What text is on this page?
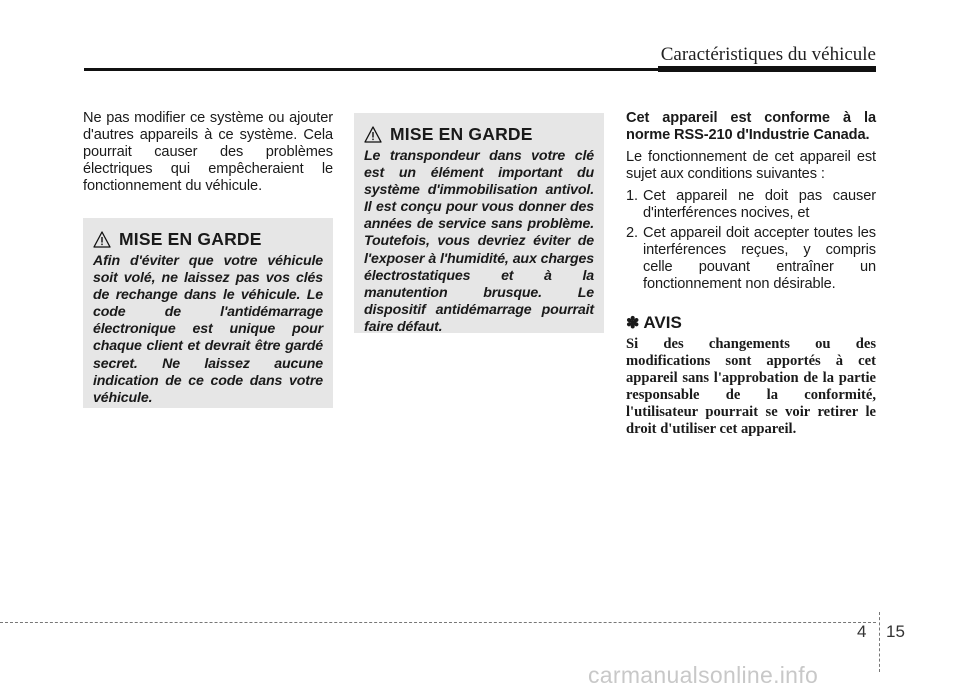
Caractéristiques du véhicule

Ne pas modifier ce système ou ajouter d'autres appareils à ce système. Cela pourrait causer des problèmes électriques qui empêcheraient le fonctionnement du véhicule.

MISE EN GARDE
Afin d'éviter que votre véhicule soit volé, ne laissez pas vos clés de rechange dans le véhicule. Le code de l'antidémarrage électronique est unique pour chaque client et devrait être gardé secret. Ne laissez aucune indication de ce code dans votre véhicule.
MISE EN GARDE
Le transpondeur dans votre clé est un élément important du système d'immobilisation antivol. Il est conçu pour vous donner des années de service sans problème. Toutefois, vous devriez éviter de l'exposer à l'humidité, aux charges électrostatiques et à la manutention brusque. Le dispositif antidémarrage pourrait faire défaut.

Cet appareil est conforme à la norme RSS-210 d'Industrie Canada.

Le fonctionnement de cet appareil est sujet aux conditions suivantes :

1. Cet appareil ne doit pas causer d'interférences nocives, et
2. Cet appareil doit accepter toutes les interférences reçues, y compris celle pouvant entraîner un fonctionnement non désirable.
✽ AVIS
Si des changements ou des modifications sont apportés à cet appareil sans l'approbation de la partie responsable de la conformité, l'utilisateur pourrait se voir retirer le droit d'utiliser cet appareil.
4 15
carmanualsonline.info
